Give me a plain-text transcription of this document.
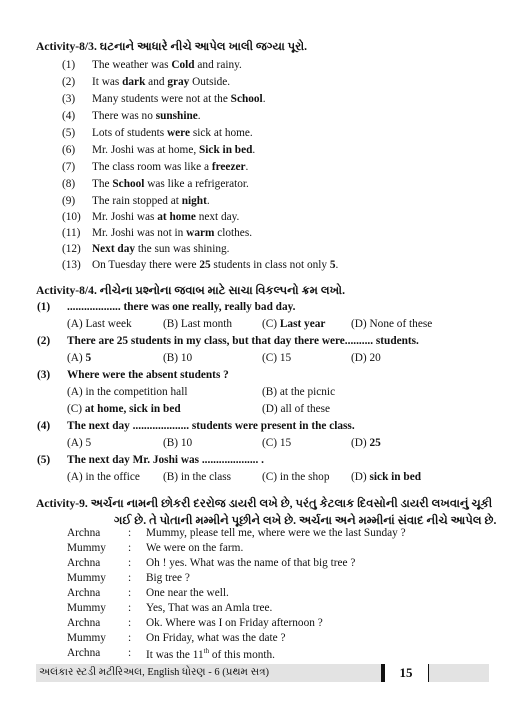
Activity-8/3. ઘટનાને આધારે નીચે આપેલ ખાલી જગ્યા પૂરો.
(1) The weather was Cold and rainy.
(2) It was dark and gray Outside.
(3) Many students were not at the School.
(4) There was no sunshine.
(5) Lots of students were sick at home.
(6) Mr. Joshi was at home, Sick in bed.
(7) The class room was like a freezer.
(8) The School was like a refrigerator.
(9) The rain stopped at night.
(10) Mr. Joshi was at home next day.
(11) Mr. Joshi was not in warm clothes.
(12) Next day the sun was shining.
(13) On Tuesday there were 25 students in class not only 5.
Activity-8/4. નીચેના પ્રશ્નોના જવાબ માટે સાચા વિકલ્પનો ક્રમ લખો.
(1) ................... there was one really, really bad day.
(A) Last week	(B) Last month	(C) Last year (D) None of these
(2) There are 25 students in my class, but that day there were.......... students.
(A) 5	(B) 10	(C) 15	(D) 20
(3) Where were the absent students ?
(A) in the competition hall	(B) at the picnic
(C) at home, sick in bed	(D) all of these
(4) The next day .................... students were present in the class.
(A) 5	(B) 10	(C) 15	(D) 25
(5) The next day Mr. Joshi was .................... .
(A) in the office (B) in the class	(C) in the shop (D) sick in bed
Activity-9. અર્ચના નામની છોકરી દરરોજ ડાયરી લખે છે, પરંતુ કેટલાક દિવસોની ડાયરી લખવાનું ચૂકી
ગઈ છે. તે પોતાની મમ્મીને પૂછીને લખે છે. અર્ચના અને મમ્મીનાં સંવાદ નીચે આપેલ છે.
Archna : Mummy, please tell me, where were we the last Sunday ?
Mummy : We were on the farm.
Archna : Oh ! yes. What was the name of that big tree ?
Mummy : Big tree ?
Archna : One near the well.
Mummy : Yes, That was an Amla tree.
Archna : Ok. Where was I on Friday afternoon ?
અલંકાર સ્ટડી મટીરિઅલ, English ધોરણ - 6 (પ્રથમ સત્ર)	15
Mummy : On Friday, what was the date ?
Archna : It was the 11th of this month.
